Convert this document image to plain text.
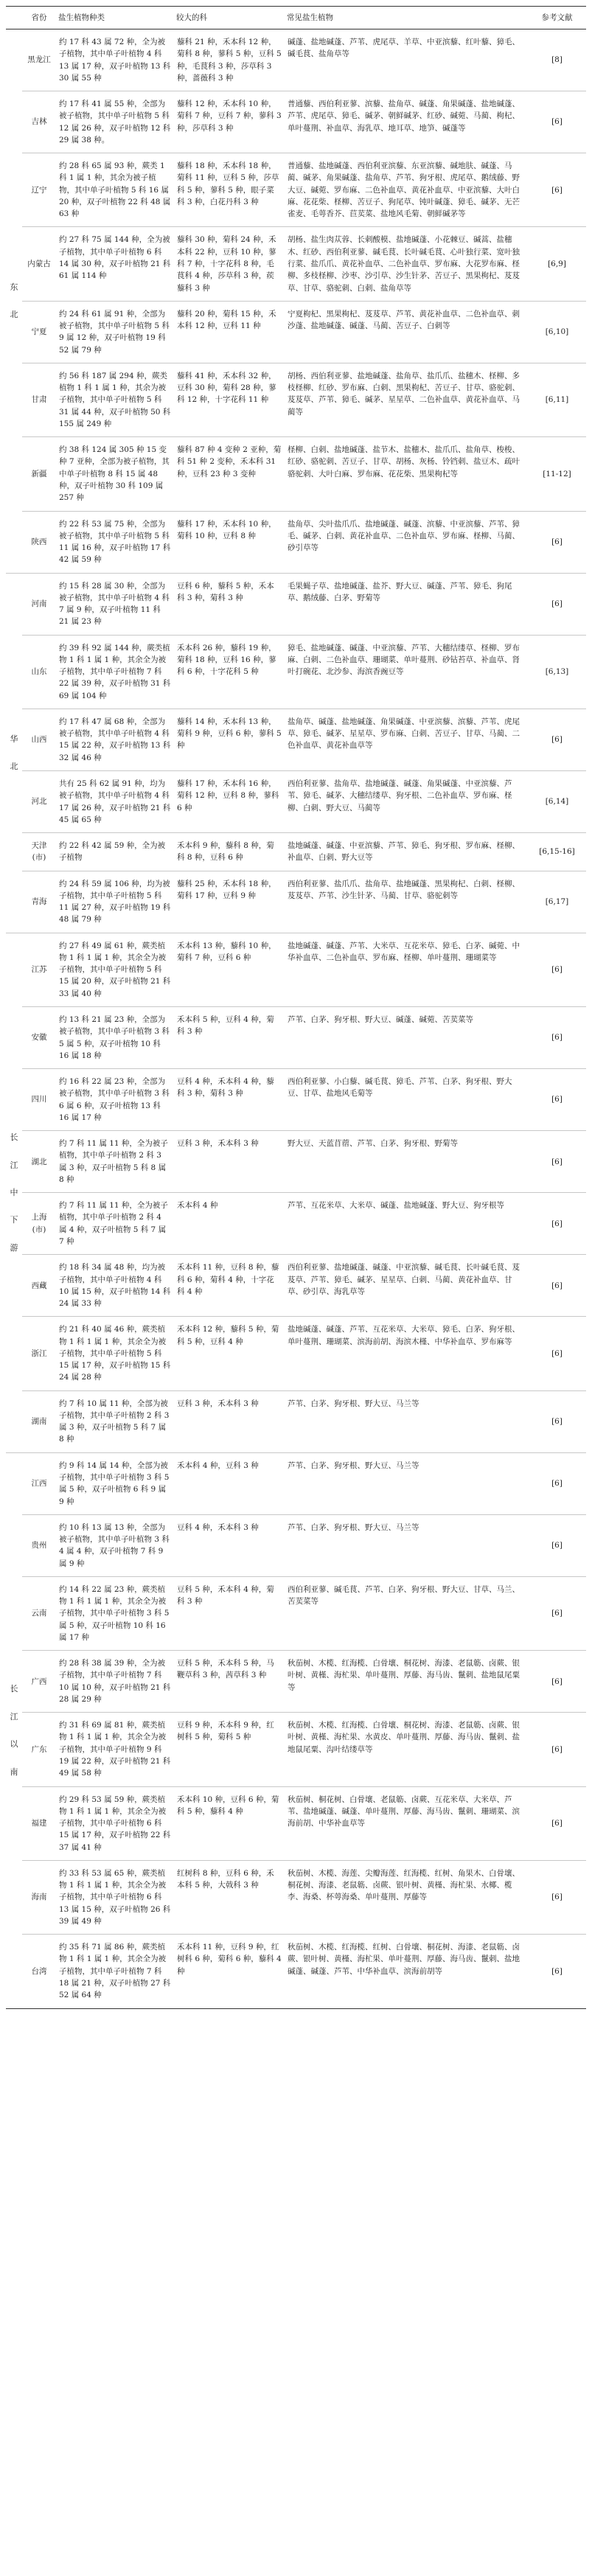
	省份	盐生植物种类	较大的科	常见盐生植物	参考文献

东
北	黑龙江	约 17 科 43 属 72 种，全为被子植物，其中单子叶植物 4 科 13 属 17 种，双子叶植物 13 科 30 属 55 种	藜科 21 种，禾本科 12 种，菊科 8 种，蓼科 5 种，豆科 5 种，毛茛科 3 种，莎草科 3 种，蔷薇科 3 种	碱蓬、盐地碱蓬、芦苇、虎尾草、羊草、中亚滨藜、红叶藜、獐毛、碱毛茛、盐角草等	[8]
	吉林	约 17 科 41 属 55 种，全部为被子植物，其中单子叶植物 5 科 12 属 26 种，双子叶植物 12 科 29 属 38 种。	藜科 12 种，禾本科 10 种，菊科 7 种，豆科 7 种，蓼科 3 种，莎草科 3 种	普通藜、西伯利亚蓼、滨藜、盐角草、碱蓬、角果碱蓬、盐地碱蓬、芦苇、虎尾草、獐毛、碱茅、朝鲜碱茅、红砂、碱菀、马蔺、枸杞、单叶蔓荆、补血草、海乳草、地耳草、地笋、碱蓬等	[6]
	辽宁	约 28 科 65 属 93 种，蕨类 1 科 1 属 1 种，其余为被子植物，其中单子叶植物 5 科 16 属 20 种，双子叶植物 22 科 48 属 63 种	藜科 18 种，禾本科 18 种，菊科 11 种，豆科 5 种，莎草科 5 种，蓼科 5 种，眼子菜科 3 种，白花丹科 3 种	普通藜、盐地碱蓬、西伯利亚滨藜、东亚滨藜、碱地肤、碱蓬、马蔺、碱茅、角果碱蓬、盐角草、芦苇、狗牙根、虎尾草、鹅绒藤、野大豆、碱菀、罗布麻、二色补血草、黄花补血草、中亚滨藜、大叶白麻、花花柴、柽柳、苦豆子、狗尾草、钝叶碱蓬、獐毛、碱茅、无芒雀麦、毛萼香芥、苣荬菜、盐地风毛菊、朝鲜碱茅等	[6]
	内蒙古	约 27 科 75 属 144 种，全为被子植物，其中单子叶植物 6 科 14 属 30 种，双子叶植物 21 科 61 属 114 种	藜科 30 种，菊科 24 种，禾本科 22 种，豆科 10 种，蓼科 7 种，十字花科 8 种，毛茛科 4 种，莎草科 3 种，蒺藜科 3 种	胡杨、盐生肉苁蓉、长刺酸模、盐地碱蓬、小花棘豆、碱蒿、盐穗木、红砂、西伯利亚蓼、碱毛茛、长叶碱毛茛、心叶独行菜、宽叶独行菜、盐爪爪、黄花补血草、二色补血草、罗布麻、大花罗布麻、柽柳、多枝柽柳、沙枣、沙引草、沙生针茅、苦豆子、黑果枸杞、芨芨草、甘草、骆驼刺、白刺、盐角草等	[6,9]
	宁夏	约 24 科 61 属 91 种，全部为被子植物，其中单子叶植物 5 科 9 属 12 种，双子叶植物 19 科 52 属 79 种	藜科 20 种，菊科 15 种，禾本科 12 种，豆科 11 种	宁夏枸杞、黑果枸杞、芨芨草、芦苇、黄花补血草、二色补血草、刺沙蓬、盐地碱蓬、碱蓬、马蔺、苦豆子、白刺等	[6,10]
	甘肃	约 56 科 187 属 294 种，蕨类植物 1 科 1 属 1 种，其余为被子植物，其中单子叶植物 5 科 31 属 44 种，双子叶植物 50 科 155 属 249 种	藜科 41 种，禾本科 32 种，豆科 30 种，菊科 28 种，蓼科 12 种，十字花科 11 种	胡杨、西伯利亚蓼、盐地碱蓬、盐角草、盐爪爪、盐穗木、柽柳、多枝柽柳、红砂、罗布麻、白刺、黑果枸杞、苦豆子、甘草、骆驼刺、芨芨草、芦苇、獐毛、碱茅、星星草、二色补血草、黄花补血草、马蔺等	[6,11]
	新疆	约 38 科 124 属 305 种 15 变种 7 亚种，全部为被子植物，其中单子叶植物 8 科 15 属 48 种，双子叶植物 30 科 109 属 257 种	藜科 87 种 4 变种 2 亚种，菊科 51 种 2 变种，禾本科 31 种，豆科 23 种 3 变种	柽柳、白刺、盐地碱蓬、盐节木、盐穗木、盐爪爪、盐角草、梭梭、红砂、骆驼刺、苦豆子、甘草、胡杨、灰杨、铃铛刺、盐豆木、疏叶骆驼刺、大叶白麻、罗布麻、花花柴、黑果枸杞等	[11-12]
	陕西	约 22 科 53 属 75 种，全部为被子植物，其中单子叶植物 5 科 11 属 16 种，双子叶植物 17 科 42 属 59 种	藜科 17 种，禾本科 10 种，菊科 10 种，豆科 8 种	盐角草、尖叶盐爪爪、盐地碱蓬、碱蓬、滨藜、中亚滨藜、芦苇、獐毛、碱茅、白刺、黄花补血草、二色补血草、罗布麻、柽柳、马蔺、砂引草等	[6]

华
北	河南	约 15 科 28 属 30 种，全部为被子植物，其中单子叶植物 4 科 7 属 9 种，双子叶植物 11 科 21 属 23 种	豆科 6 种，藜科 5 种，禾本科 3 种，菊科 3 种	毛果蝇子草、盐地碱蓬、盐芥、野大豆、碱蓬、芦苇、獐毛、狗尾草、鹅绒藤、白茅、野菊等	[6]
	山东	约 39 科 92 属 144 种，蕨类植物 1 科 1 属 1 种，其余全为被子植物，其中单子叶植物 7 科 22 属 39 种，双子叶植物 31 科 69 属 104 种	禾本科 26 种，藜科 19 种，菊科 18 种，豆科 16 种，蓼科 6 种，十字花科 5 种	獐毛、盐地碱蓬、碱蓬、中亚滨藜、芦苇、大穗结缕草、柽柳、罗布麻、白刺、二色补血草、珊瑚菜、单叶蔓荆、砂钻苔草、补血草、肾叶打碗花、北沙参、海滨香豌豆等	[6,13]
	山西	约 17 科 47 属 68 种，全部为被子植物，其中单子叶植物 4 科 15 属 22 种，双子叶植物 13 科 32 属 46 种	藜科 14 种，禾本科 13 种，菊科 9 种，豆科 6 种，蓼科 5 种	盐角草、碱蓬、盐地碱蓬、角果碱蓬、中亚滨藜、滨藜、芦苇、虎尾草、獐毛、碱茅、星星草、罗布麻、白刺、苦豆子、甘草、马蔺、二色补血草、黄花补血草等	[6]
	河北	共有 25 科 62 属 91 种，均为被子植物，其中单子叶植物 4 科 17 属 26 种，双子叶植物 21 科 45 属 65 种	藜科 17 种，禾本科 16 种，菊科 12 种，豆科 8 种，蓼科 6 种	西伯利亚蓼、盐角草、盐地碱蓬、碱蓬、角果碱蓬、中亚滨藜、芦苇、獐毛、碱茅、大穗结缕草、狗牙根、二色补血草、罗布麻、柽柳、白刺、野大豆、马蔺等	[6,14]
	天津(市)	约 22 科 42 属 59 种，全为被子植物	禾本科 9 种，藜科 8 种，菊科 8 种，豆科 6 种	盐地碱蓬、碱蓬、中亚滨藜、芦苇、獐毛、狗牙根、罗布麻、柽柳、补血草、白刺、野大豆等	[6,15-16]
	青海	约 24 科 59 属 106 种，均为被子植物，其中单子叶植物 5 科 11 属 27 种，双子叶植物 19 科 48 属 79 种	藜科 25 种，禾本科 18 种，菊科 17 种，豆科 9 种	西伯利亚蓼、盐爪爪、盐角草、盐地碱蓬、黑果枸杞、白刺、柽柳、芨芨草、芦苇、沙生针茅、马蔺、甘草、骆驼刺等	[6,17]

长
江
中
下
游	江苏	约 27 科 49 属 61 种，蕨类植物 1 科 1 属 1 种，其余全为被子植物，其中单子叶植物 5 科 15 属 20 种，双子叶植物 21 科 33 属 40 种	禾本科 13 种，藜科 10 种，菊科 7 种，豆科 6 种	盐地碱蓬、碱蓬、芦苇、大米草、互花米草、獐毛、白茅、碱菀、中华补血草、二色补血草、罗布麻、柽柳、单叶蔓荆、珊瑚菜等	[6]
	安徽	约 13 科 21 属 23 种，全部为被子植物，其中单子叶植物 3 科 5 属 5 种，双子叶植物 10 科 16 属 18 种	禾本科 5 种，豆科 4 种，菊科 3 种	芦苇、白茅、狗牙根、野大豆、碱蓬、碱菀、苦荬菜等	[6]
	四川	约 16 科 22 属 23 种，全部为被子植物，其中单子叶植物 3 科 6 属 6 种，双子叶植物 13 科 16 属 17 种	豆科 4 种，禾本科 4 种，藜科 3 种，菊科 3 种	西伯利亚蓼、小白藜、碱毛茛、獐毛、芦苇、白茅、狗牙根、野大豆、甘草、盐地风毛菊等	[6]
	湖北	约 7 科 11 属 11 种，全为被子植物，其中单子叶植物 2 科 3 属 3 种，双子叶植物 5 科 8 属 8 种	豆科 3 种，禾本科 3 种	野大豆、天蓝苜蓿、芦苇、白茅、狗牙根、野菊等	[6]
	上海(市)	约 7 科 11 属 11 种，全为被子植物，其中单子叶植物 2 科 4 属 4 种，双子叶植物 5 科 7 属 7 种	禾本科 4 种	芦苇、互花米草、大米草、碱蓬、盐地碱蓬、野大豆、狗牙根等	[6]
	西藏	约 18 科 34 属 48 种，均为被子植物，其中单子叶植物 4 科 10 属 15 种，双子叶植物 14 科 24 属 33 种	禾本科 11 种，豆科 8 种，藜科 6 种，菊科 4 种，十字花科 4 种	西伯利亚蓼、盐地碱蓬、碱蓬、中亚滨藜、碱毛茛、长叶碱毛茛、芨芨草、芦苇、獐毛、碱茅、星星草、白刺、马蔺、黄花补血草、甘草、砂引草、海乳草等	[6]
	浙江	约 21 科 40 属 46 种，蕨类植物 1 科 1 属 1 种，其余全为被子植物，其中单子叶植物 5 科 15 属 17 种，双子叶植物 15 科 24 属 28 种	禾本科 12 种，藜科 5 种，菊科 5 种，豆科 4 种	盐地碱蓬、碱蓬、芦苇、互花米草、大米草、獐毛、白茅、狗牙根、单叶蔓荆、珊瑚菜、滨海前胡、海滨木槿、中华补血草、罗布麻等	[6]
	湖南	约 7 科 10 属 11 种，全部为被子植物，其中单子叶植物 2 科 3 属 3 种，双子叶植物 5 科 7 属 8 种	豆科 3 种，禾本科 3 种	芦苇、白茅、狗牙根、野大豆、马兰等	[6]

长
江
以
南	江西	约 9 科 14 属 14 种，全部为被子植物，其中单子叶植物 3 科 5 属 5 种，双子叶植物 6 科 9 属 9 种	禾本科 4 种，豆科 3 种	芦苇、白茅、狗牙根、野大豆、马兰等	[6]
	贵州	约 10 科 13 属 13 种，全部为被子植物，其中单子叶植物 3 科 4 属 4 种，双子叶植物 7 科 9 属 9 种	豆科 4 种，禾本科 3 种	芦苇、白茅、狗牙根、野大豆、马兰等	[6]
	云南	约 14 科 22 属 23 种，蕨类植物 1 科 1 属 1 种，其余全为被子植物，其中单子叶植物 3 科 5 属 5 种，双子叶植物 10 科 16 属 17 种	豆科 5 种，禾本科 4 种，菊科 3 种	西伯利亚蓼、碱毛茛、芦苇、白茅、狗牙根、野大豆、甘草、马兰、苦荬菜等	[6]
	广西	约 28 科 38 属 39 种，全为被子植物，其中单子叶植物 7 科 10 属 10 种，双子叶植物 21 科 28 属 29 种	豆科 5 种，禾本科 5 种，马鞭草科 3 种，茜草科 3 种	秋茄树、木榄、红海榄、白骨壤、桐花树、海漆、老鼠簕、卤蕨、银叶树、黄槿、海杧果、单叶蔓荆、厚藤、海马齿、鬣刺、盐地鼠尾粟等	[6]
	广东	约 31 科 69 属 81 种，蕨类植物 1 科 1 属 1 种，其余全为被子植物，其中单子叶植物 9 科 19 属 22 种，双子叶植物 21 科 49 属 58 种	豆科 9 种，禾本科 9 种，红树科 5 种，菊科 5 种	秋茄树、木榄、红海榄、白骨壤、桐花树、海漆、老鼠簕、卤蕨、银叶树、黄槿、海杧果、水黄皮、单叶蔓荆、厚藤、海马齿、鬣刺、盐地鼠尾粟、沟叶结缕草等	[6]
	福建	约 29 科 53 属 59 种，蕨类植物 1 科 1 属 1 种，其余全为被子植物，其中单子叶植物 6 科 15 属 17 种，双子叶植物 22 科 37 属 41 种	禾本科 10 种，豆科 6 种，菊科 5 种，藜科 4 种	秋茄树、桐花树、白骨壤、老鼠簕、卤蕨、互花米草、大米草、芦苇、盐地碱蓬、碱蓬、单叶蔓荆、厚藤、海马齿、鬣刺、珊瑚菜、滨海前胡、中华补血草等	[6]
	海南	约 33 科 53 属 65 种，蕨类植物 1 科 1 属 1 种，其余全为被子植物，其中单子叶植物 6 科 13 属 15 种，双子叶植物 26 科 39 属 49 种	红树科 8 种，豆科 6 种，禾本科 5 种，大戟科 3 种	秋茄树、木榄、海莲、尖瓣海莲、红海榄、红树、角果木、白骨壤、桐花树、海漆、老鼠簕、卤蕨、银叶树、黄槿、海杧果、水椰、榄李、海桑、杯萼海桑、单叶蔓荆、厚藤等	[6]
	台湾	约 35 科 71 属 86 种，蕨类植物 1 科 1 属 1 种，其余全为被子植物，其中单子叶植物 7 科 18 属 21 种，双子叶植物 27 科 52 属 64 种	禾本科 11 种，豆科 9 种，红树科 6 种，菊科 6 种，藜科 4 种	秋茄树、木榄、红海榄、红树、白骨壤、桐花树、海漆、老鼠簕、卤蕨、银叶树、黄槿、海杧果、单叶蔓荆、厚藤、海马齿、鬣刺、盐地碱蓬、碱蓬、芦苇、中华补血草、滨海前胡等	[6]
